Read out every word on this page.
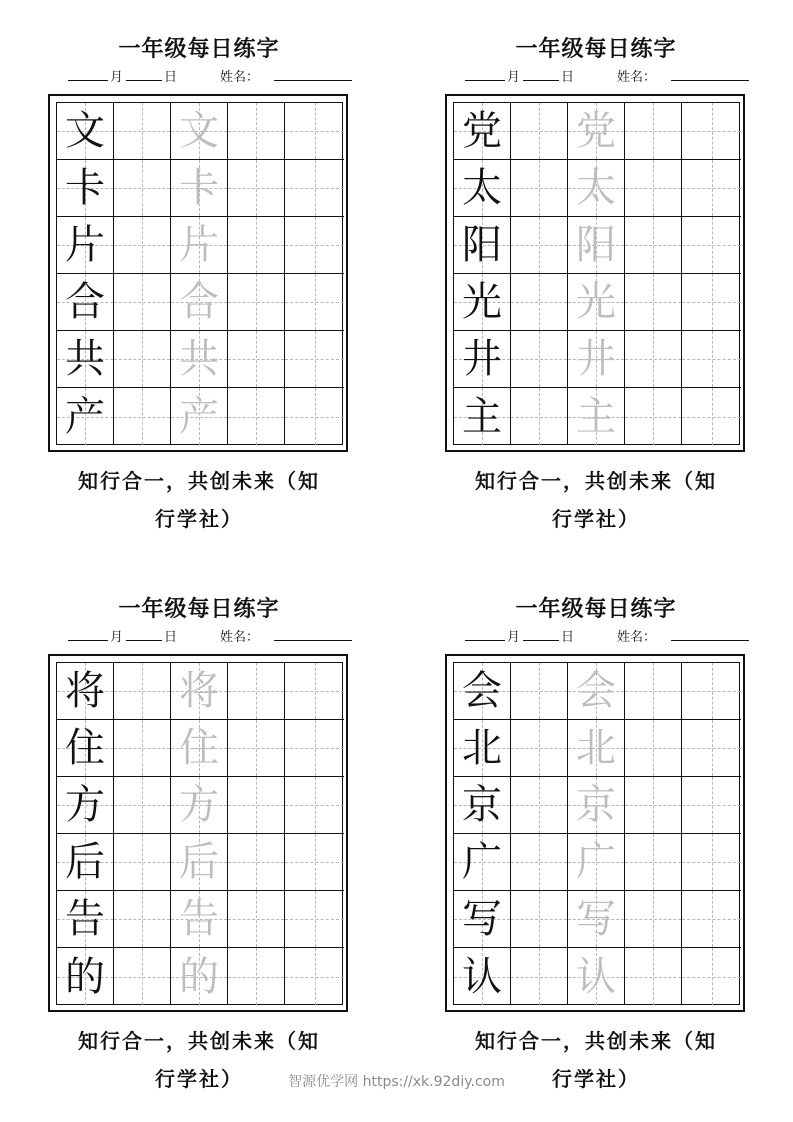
一年级每日练字
月	日	姓名：
文 文
卡 卡
片 片
合 合
共 共
产 产
知行合一，共创未来（知
行学社）
一年级每日练字
月	日	姓名：
党 党
太 太
阳 阳
光 光
井 井
主 主
知行合一，共创未来（知
行学社）
一年级每日练字
月	日	姓名：
将 将
住 住
方 方
后 后
告 告
的 的
知行合一，共创未来（知
行学社）
一年级每日练字
月	日	姓名：
会 会
北 北
京 京
广 广
写 写
认 认
知行合一，共创未来（知
行学社）
智源优学网 https://xk.92diy.com
